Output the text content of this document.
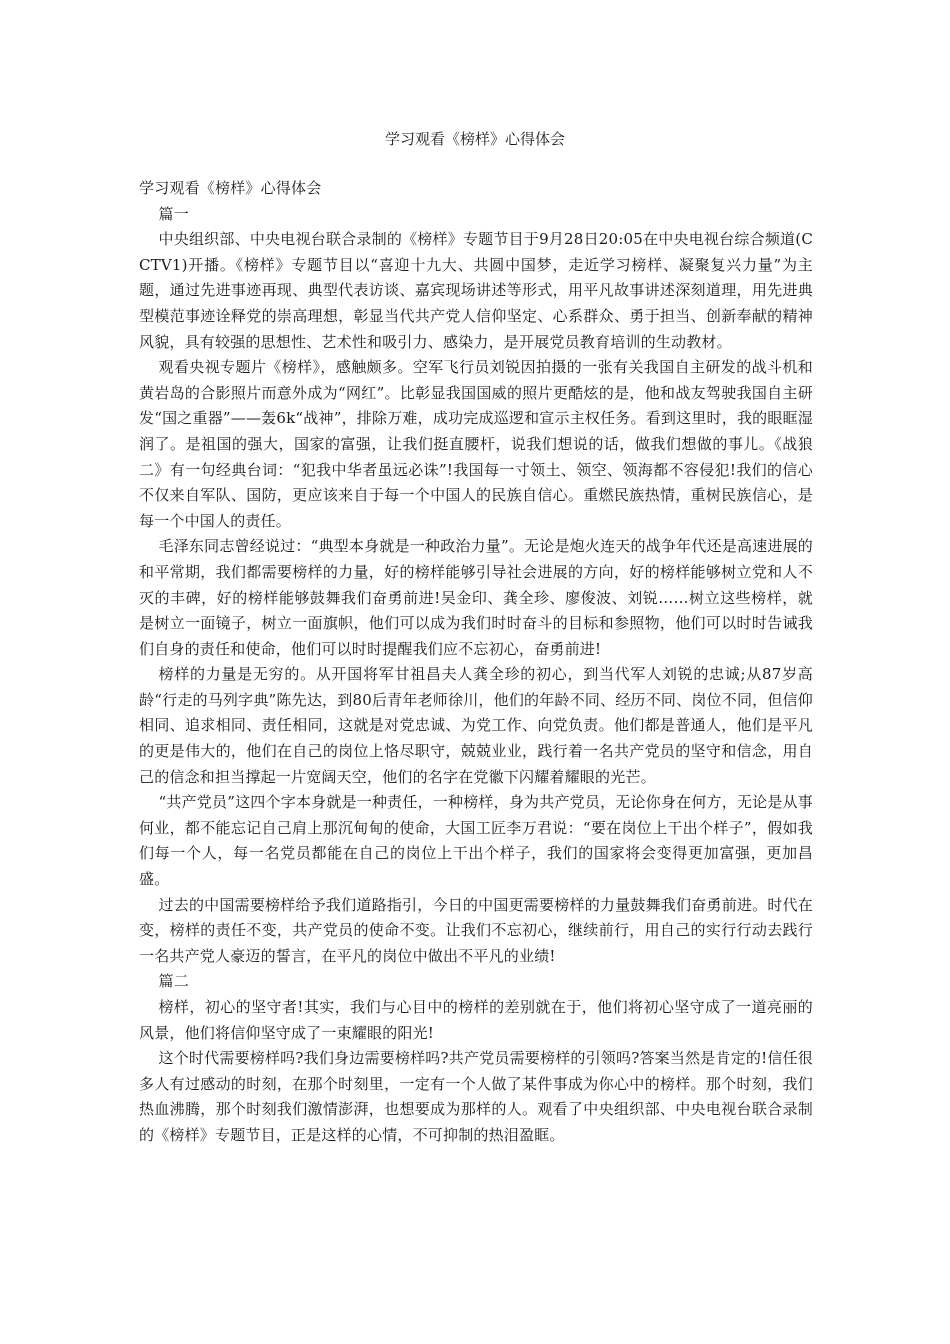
学习观看《榜样》心得体会

学习观看《榜样》心得体会

篇一

中央组织部、中央电视台联合录制的《榜样》专题节目于9月28日20:05在中央电视台综合频道(CCTV1)开播。《榜样》专题节目以“喜迎十九大、共圆中国梦，走近学习榜样、凝聚复兴力量”为主题，通过先进事迹再现、典型代表访谈、嘉宾现场讲述等形式，用平凡故事讲述深刻道理，用先进典型模范事迹诠释党的崇高理想，彰显当代共产党人信仰坚定、心系群众、勇于担当、创新奉献的精神风貌，具有较强的思想性、艺术性和吸引力、感染力，是开展党员教育培训的生动教材。

观看央视专题片《榜样》，感触颇多。空军飞行员刘锐因拍摄的一张有关我国自主研发的战斗机和黄岩岛的合影照片而意外成为“网红”。比彰显我国国威的照片更酷炫的是，他和战友驾驶我国自主研发“国之重器”——轰6k“战神”，排除万难，成功完成巡逻和宣示主权任务。看到这里时，我的眼眶湿润了。是祖国的强大，国家的富强，让我们挺直腰杆，说我们想说的话，做我们想做的事儿。《战狼二》有一句经典台词：“犯我中华者虽远必诛”!我国每一寸领土、领空、领海都不容侵犯!我们的信心不仅来自军队、国防，更应该来自于每一个中国人的民族自信心。重燃民族热情，重树民族信心，是每一个中国人的责任。

毛泽东同志曾经说过：“典型本身就是一种政治力量”。无论是炮火连天的战争年代还是高速进展的和平常期，我们都需要榜样的力量，好的榜样能够引导社会进展的方向，好的榜样能够树立党和人不灭的丰碑，好的榜样能够鼓舞我们奋勇前进!吴金印、龚全珍、廖俊波、刘锐……树立这些榜样，就是树立一面镜子，树立一面旗帜，他们可以成为我们时时奋斗的目标和参照物，他们可以时时告诫我们自身的责任和使命，他们可以时时提醒我们应不忘初心，奋勇前进!

榜样的力量是无穷的。从开国将军甘祖昌夫人龚全珍的初心，到当代军人刘锐的忠诚;从87岁高龄“行走的马列字典”陈先达，到80后青年老师徐川，他们的年龄不同、经历不同、岗位不同，但信仰相同、追求相同、责任相同，这就是对党忠诚、为党工作、向党负责。他们都是普通人，他们是平凡的更是伟大的，他们在自己的岗位上恪尽职守，兢兢业业，践行着一名共产党员的坚守和信念，用自己的信念和担当撑起一片宽阔天空，他们的名字在党徽下闪耀着耀眼的光芒。

“共产党员”这四个字本身就是一种责任，一种榜样，身为共产党员，无论你身在何方，无论是从事何业，都不能忘记自己肩上那沉甸甸的使命，大国工匠李万君说：“要在岗位上干出个样子”，假如我们每一个人，每一名党员都能在自己的岗位上干出个样子，我们的国家将会变得更加富强，更加昌盛。

过去的中国需要榜样给予我们道路指引，今日的中国更需要榜样的力量鼓舞我们奋勇前进。时代在变，榜样的责任不变，共产党员的使命不变。让我们不忘初心，继续前行，用自己的实行行动去践行一名共产党人豪迈的誓言，在平凡的岗位中做出不平凡的业绩!

篇二

榜样，初心的坚守者!其实，我们与心目中的榜样的差别就在于，他们将初心坚守成了一道亮丽的风景，他们将信仰坚守成了一束耀眼的阳光!

这个时代需要榜样吗?我们身边需要榜样吗?共产党员需要榜样的引领吗?答案当然是肯定的!信任很多人有过感动的时刻，在那个时刻里，一定有一个人做了某件事成为你心中的榜样。那个时刻，我们热血沸腾，那个时刻我们激情澎湃，也想要成为那样的人。观看了中央组织部、中央电视台联合录制的《榜样》专题节目，正是这样的心情，不可抑制的热泪盈眶。
